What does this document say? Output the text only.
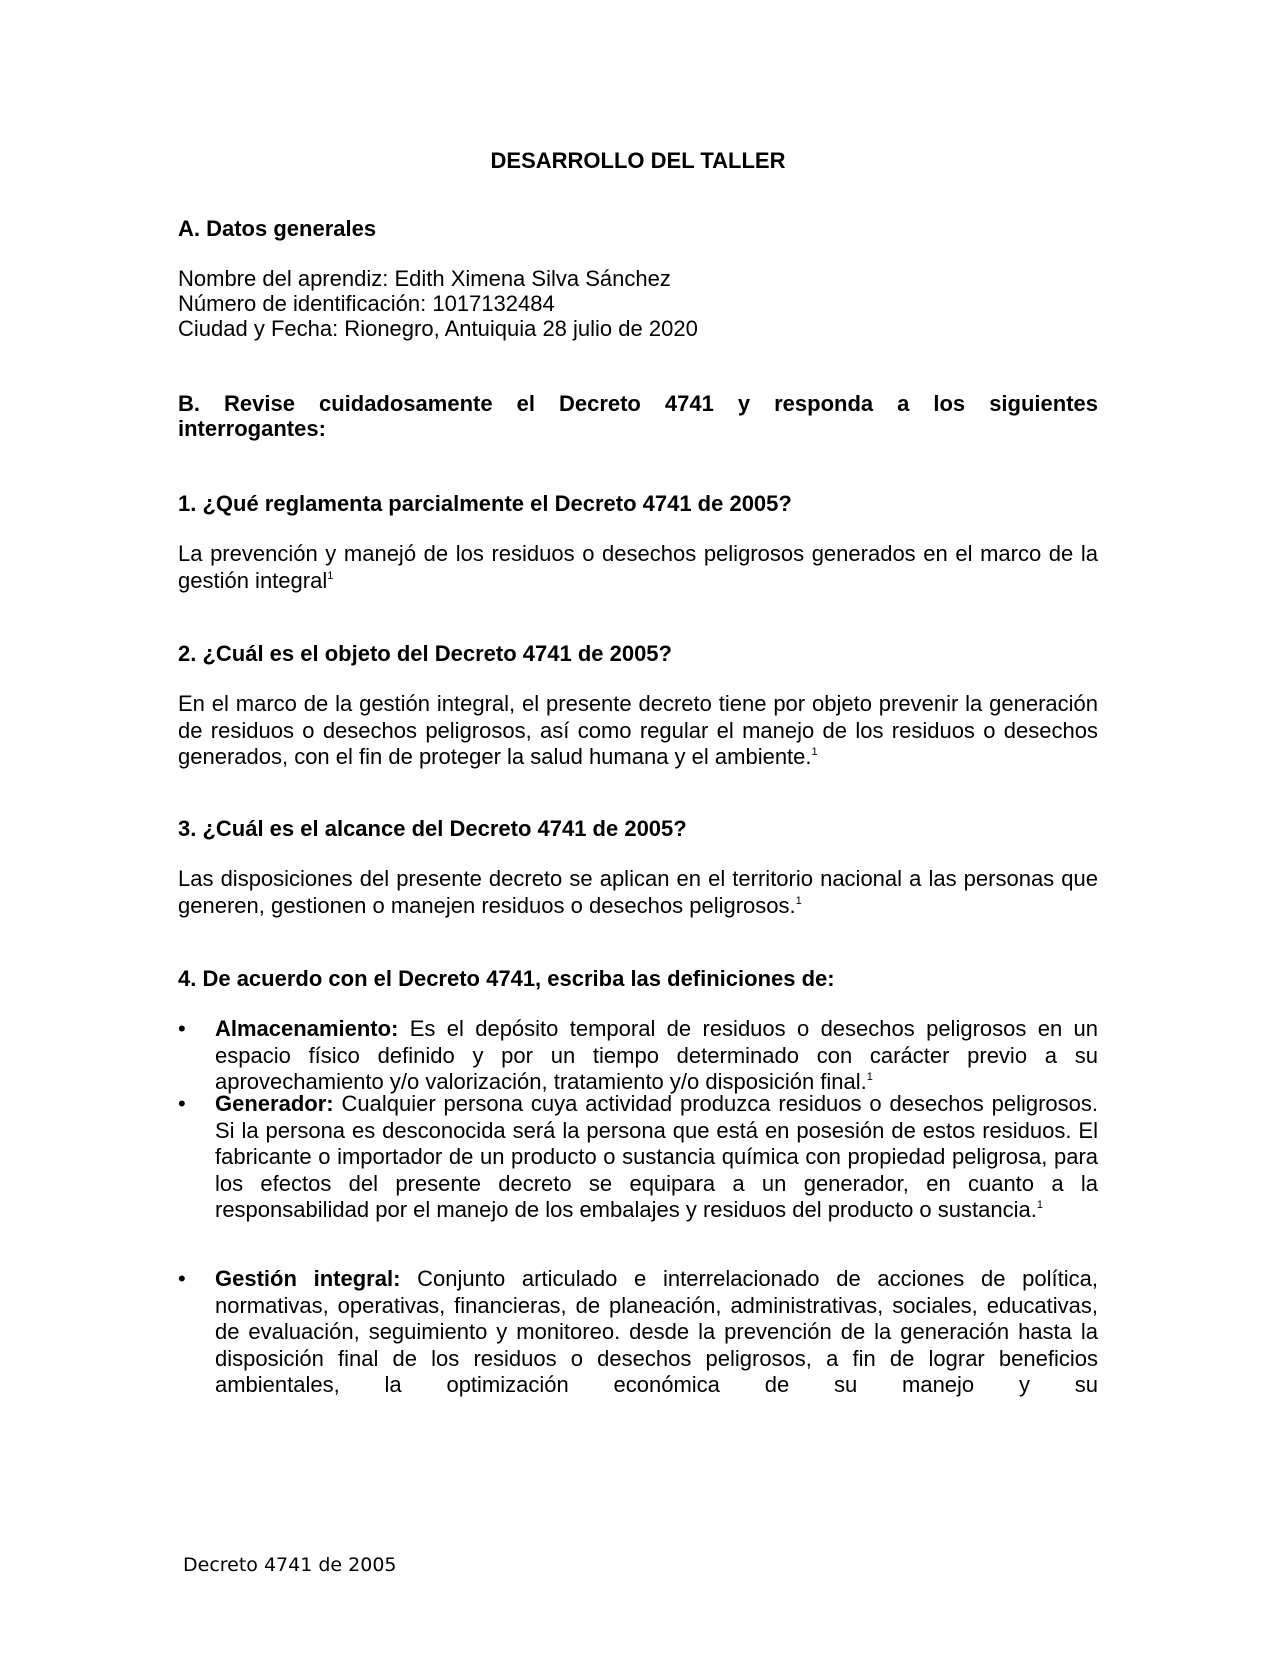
DESARROLLO DEL TALLER
A. Datos generales
Nombre del aprendiz: Edith Ximena Silva Sánchez
Número de identificación: 1017132484
Ciudad y Fecha: Rionegro, Antuiquia 28 julio de 2020
B. Revise cuidadosamente el Decreto 4741 y responda a los siguientes
interrogantes:
1. ¿Qué reglamenta parcialmente el Decreto 4741 de 2005?
La prevención y manejó de los residuos o desechos peligrosos generados en el marco de la gestión integral$^1$
2. ¿Cuál es el objeto del Decreto 4741 de 2005?
En el marco de la gestión integral, el presente decreto tiene por objeto prevenir la generación de residuos o desechos peligrosos, así como regular el manejo de los residuos o desechos generados, con el fin de proteger la salud humana y el ambiente.$^1$
3. ¿Cuál es el alcance del Decreto 4741 de 2005?
Las disposiciones del presente decreto se aplican en el territorio nacional a las personas que generen, gestionen o manejen residuos o desechos peligrosos.$^1$
4. De acuerdo con el Decreto 4741, escriba las definiciones de:
•	Almacenamiento: Es el depósito temporal de residuos o desechos peligrosos en un espacio físico definido y por un tiempo determinado con carácter previo a su aprovechamiento y/o valorización, tratamiento y/o disposición final.$^1$
•	Generador: Cualquier persona cuya actividad produzca residuos o desechos peligrosos. Si la persona es desconocida será la persona que está en posesión de estos residuos. El fabricante o importador de un producto o sustancia química con propiedad peligrosa, para los efectos del presente decreto se equipara a un generador, en cuanto a la responsabilidad por el manejo de los embalajes y residuos del producto o sustancia.$^1$
•	Gestión integral: Conjunto articulado e interrelacionado de acciones de política, normativas, operativas, financieras, de planeación, administrativas, sociales, educativas, de evaluación, seguimiento y monitoreo. desde la prevención de la generación hasta la disposición final de los residuos o desechos peligrosos, a fin de lograr beneficios ambientales, la optimización económica de su manejo y su
Decreto 4741 de 2005
